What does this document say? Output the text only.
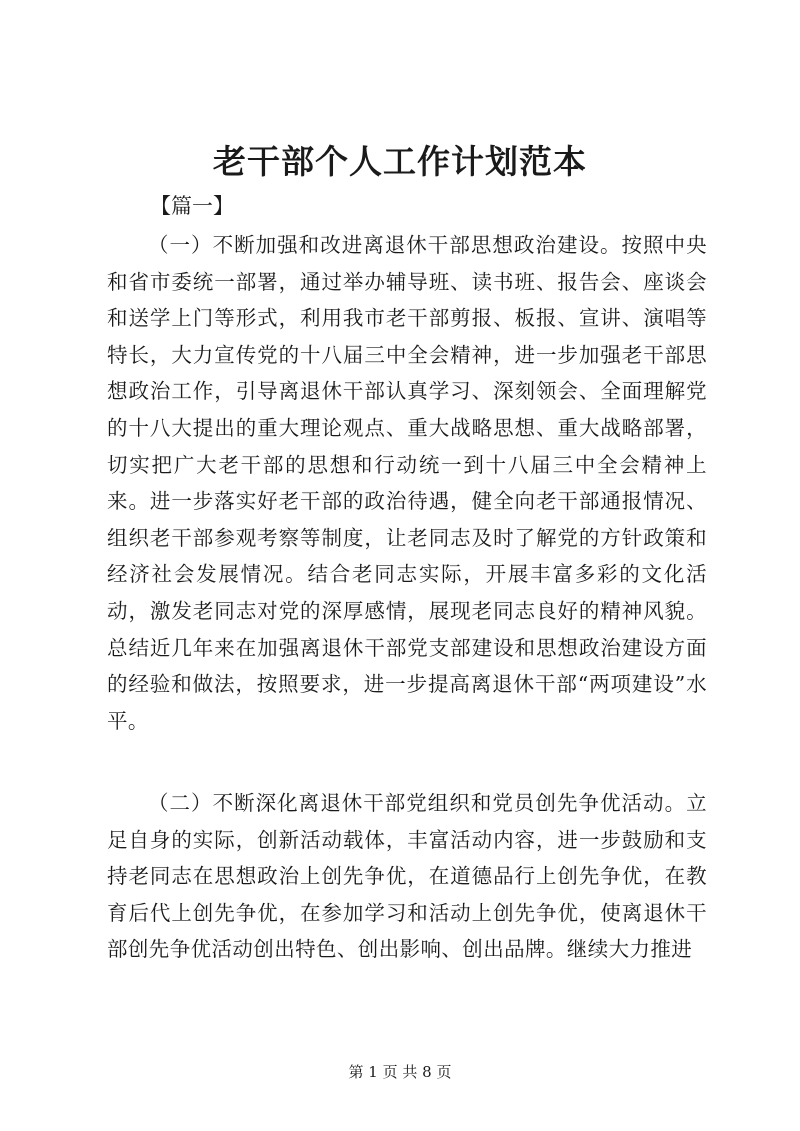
老干部个人工作计划范本

【篇一】

（一）不断加强和改进离退休干部思想政治建设。按照中央和省市委统一部署，通过举办辅导班、读书班、报告会、座谈会和送学上门等形式，利用我市老干部剪报、板报、宣讲、演唱等特长，大力宣传党的十八届三中全会精神，进一步加强老干部思想政治工作，引导离退休干部认真学习、深刻领会、全面理解党的十八大提出的重大理论观点、重大战略思想、重大战略部署，切实把广大老干部的思想和行动统一到十八届三中全会精神上来。进一步落实好老干部的政治待遇，健全向老干部通报情况、组织老干部参观考察等制度，让老同志及时了解党的方针政策和经济社会发展情况。结合老同志实际，开展丰富多彩的文化活动，激发老同志对党的深厚感情，展现老同志良好的精神风貌。总结近几年来在加强离退休干部党支部建设和思想政治建设方面的经验和做法，按照要求，进一步提高离退休干部“两项建设”水平。

（二）不断深化离退休干部党组织和党员创先争优活动。立足自身的实际，创新活动载体，丰富活动内容，进一步鼓励和支持老同志在思想政治上创先争优，在道德品行上创先争优，在教育后代上创先争优，在参加学习和活动上创先争优，使离退休干部创先争优活动创出特色、创出影响、创出品牌。继续大力推进

第 1 页 共 8 页
